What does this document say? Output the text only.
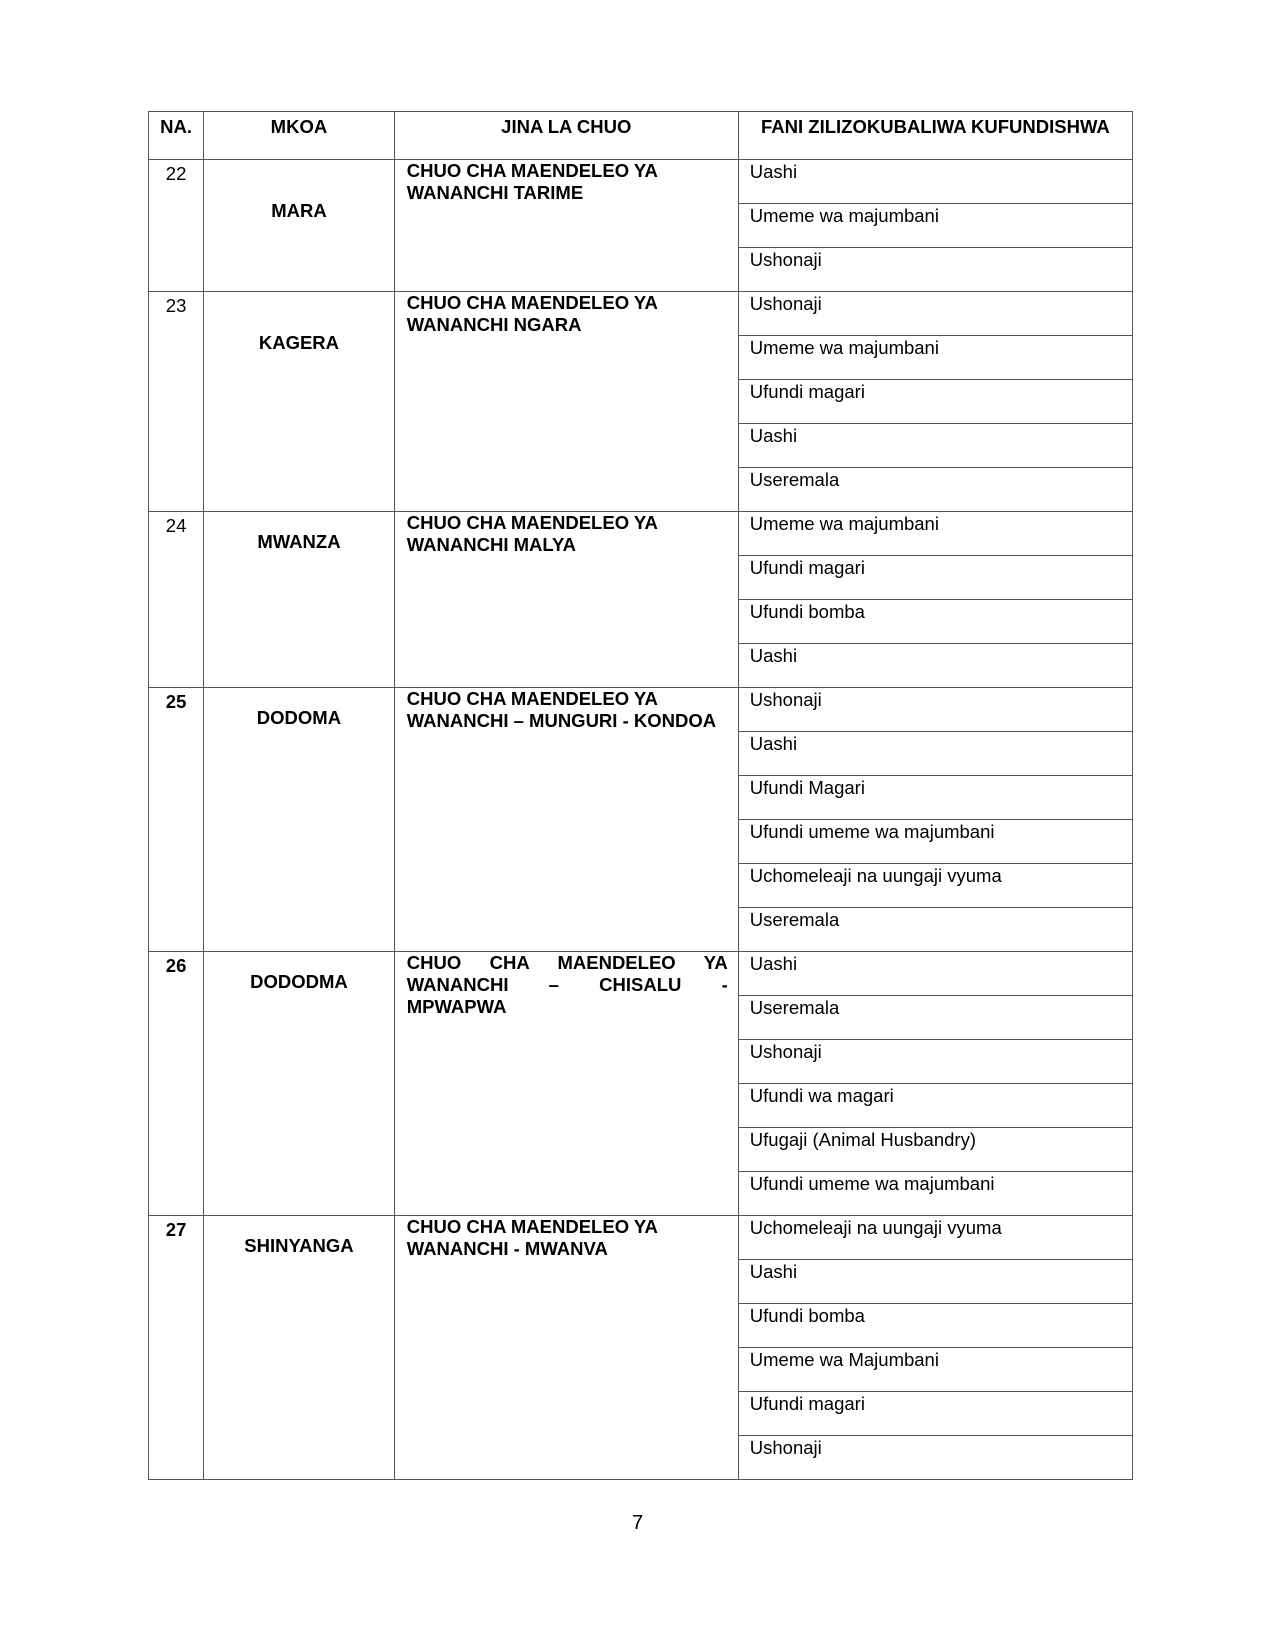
NA.	MKOA	JINA LA CHUO	FANI ZILIZOKUBALIWA KUFUNDISHWA
22	MARA	CHUO CHA MAENDELEO YA
WANANCHI TARIME	Uashi

			Umeme wa majumbani

			Ushonaji

23	KAGERA	CHUO CHA MAENDELEO YA
WANANCHI NGARA	Ushonaji

			Umeme wa majumbani

			Ufundi magari

			Uashi

			Useremala

24	MWANZA	CHUO CHA MAENDELEO YA
WANANCHI MALYA	Umeme wa majumbani

			Ufundi magari

			Ufundi bomba

			Uashi

25	DODOMA	CHUO CHA MAENDELEO YA
WANANCHI – MUNGURI - KONDOA	Ushonaji

			Uashi

			Ufundi Magari

			Ufundi umeme wa majumbani

			Uchomeleaji na uungaji vyuma

			Useremala

26	DODODMA	CHUO CHA MAENDELEO YA
WANANCHI – CHISALU -
MPWAPWA	Uashi

			Useremala

			Ushonaji

			Ufundi wa magari

			Ufugaji (Animal Husbandry)

			Ufundi umeme wa majumbani

27	SHINYANGA	CHUO CHA MAENDELEO YA
WANANCHI - MWANVA	Uchomeleaji na uungaji vyuma

			Uashi

			Ufundi bomba

			Umeme wa Majumbani

			Ufundi magari

			Ushonaji
7
